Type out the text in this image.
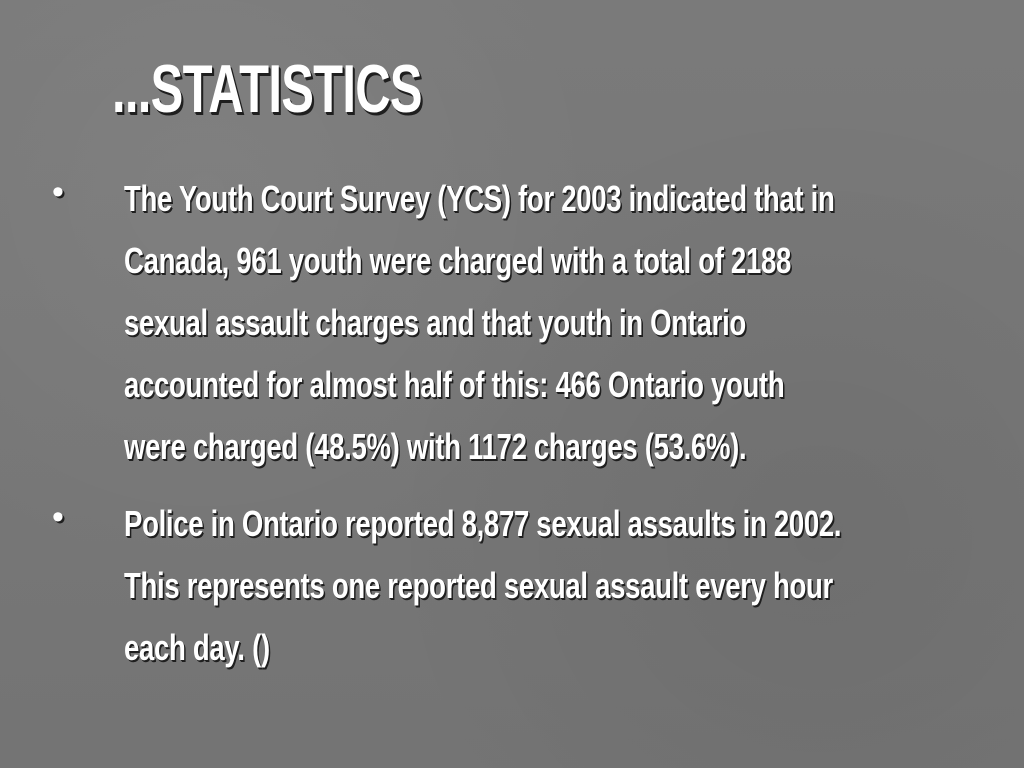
...STATISTICS
• The Youth Court Survey (YCS) for 2003 indicated that in
Canada, 961 youth were charged with a total of 2188
sexual assault charges and that youth in Ontario
accounted for almost half of this: 466 Ontario youth
were charged (48.5%) with 1172 charges (53.6%).
• Police in Ontario reported 8,877 sexual assaults in 2002.
This represents one reported sexual assault every hour
each day. ()
